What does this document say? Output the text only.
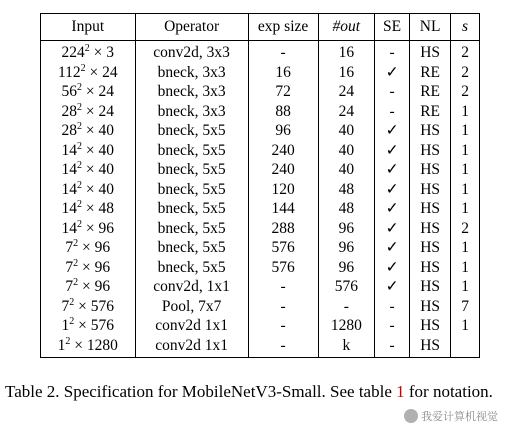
Input	Operator	exp size	#out	SE	NL	s
$224^2 \times 3$	conv2d, 3x3	-	16	-	HS	2
$112^2 \times 24$	bneck, 3x3	16	16	✓	RE	2
$56^2 \times 24$	bneck, 3x3	72	24	-	RE	2
$28^2 \times 24$	bneck, 3x3	88	24	-	RE	1
$28^2 \times 40$	bneck, 5x5	96	40	✓	HS	1
$14^2 \times 40$	bneck, 5x5	240	40	✓	HS	1
$14^2 \times 40$	bneck, 5x5	240	40	✓	HS	1
$14^2 \times 40$	bneck, 5x5	120	48	✓	HS	1
$14^2 \times 48$	bneck, 5x5	144	48	✓	HS	1
$14^2 \times 96$	bneck, 5x5	288	96	✓	HS	2
$7^2 \times 96$	bneck, 5x5	576	96	✓	HS	1
$7^2 \times 96$	bneck, 5x5	576	96	✓	HS	1
$7^2 \times 96$	conv2d, 1x1	-	576	✓	HS	1
$7^2 \times 576$	Pool, 7x7	-	-	-	HS	7
$1^2 \times 576$	conv2d 1x1	-	1280	-	HS	1
$1^2 \times 1280$	conv2d 1x1	-	k	-	HS	
Table 2. Specification for MobileNetV3-Small. See table 1 for notation.
我爱计算机视觉
